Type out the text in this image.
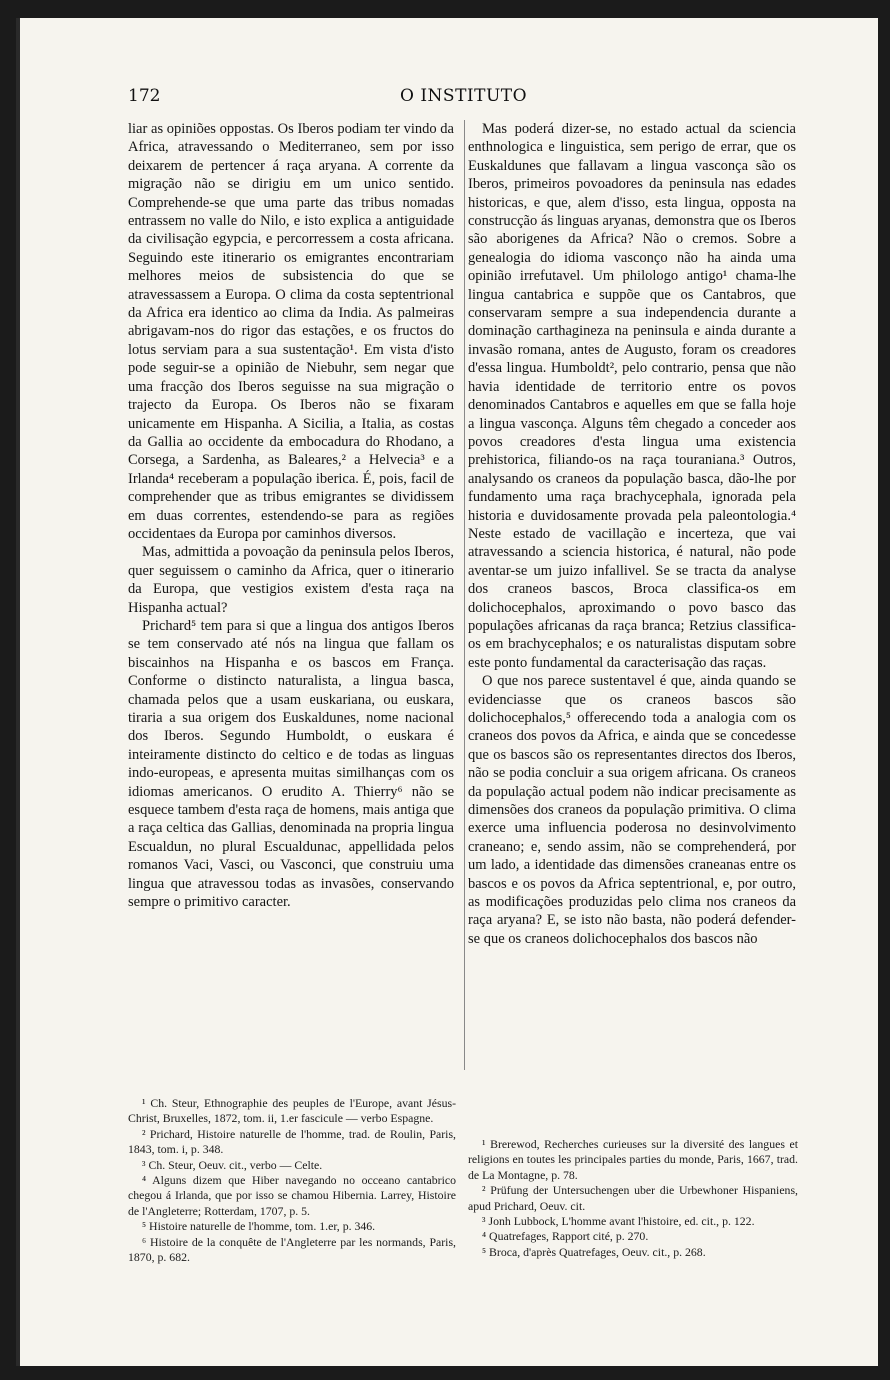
172	O INSTITUTO

liar as opiniões oppostas. Os Iberos podiam ter vindo da Africa, atravessando o Mediterraneo, sem por isso deixarem de pertencer á raça aryana. A corrente da migração não se dirigiu em um unico sentido. Comprehende-se que uma parte das tribus nomadas entrassem no valle do Nilo, e isto explica a antiguidade da civilisação egypcia, e percorressem a costa africana. Seguindo este itinerario os emigrantes encontrariam melhores meios de subsistencia do que se atravessassem a Europa. O clima da costa septentrional da Africa era identico ao clima da India. As palmeiras abrigavam-nos do rigor das estações, e os fructos do lotus serviam para a sua sustentação¹. Em vista d'isto pode seguir-se a opinião de Niebuhr, sem negar que uma fracção dos Iberos seguisse na sua migração o trajecto da Europa. Os Iberos não se fixaram unicamente em Hispanha. A Sicilia, a Italia, as costas da Gallia ao occidente da embocadura do Rhodano, a Corsega, a Sardenha, as Baleares,² a Helvecia³ e a Irlanda⁴ receberam a população iberica. É, pois, facil de comprehender que as tribus emigrantes se dividissem em duas correntes, estendendo-se para as regiões occidentaes da Europa por caminhos diversos.

Mas, admittida a povoação da peninsula pelos Iberos, quer seguissem o caminho da Africa, quer o itinerario da Europa, que vestigios existem d'esta raça na Hispanha actual?

Prichard⁵ tem para si que a lingua dos antigos Iberos se tem conservado até nós na lingua que fallam os biscainhos na Hispanha e os bascos em França. Conforme o distincto naturalista, a lingua basca, chamada pelos que a usam euskariana, ou euskara, tiraria a sua origem dos Euskaldunes, nome nacional dos Iberos. Segundo Humboldt, o euskara é inteiramente distincto do celtico e de todas as linguas indo-europeas, e apresenta muitas similhanças com os idiomas americanos. O erudito A. Thierry⁶ não se esquece tambem d'esta raça de homens, mais antiga que a raça celtica das Gallias, denominada na propria lingua Escualdun, no plural Escualdunac, appellidada pelos romanos Vaci, Vasci, ou Vasconci, que construiu uma lingua que atravessou todas as invasões, conservando sempre o primitivo caracter.

Mas poderá dizer-se, no estado actual da sciencia enthnologica e linguistica, sem perigo de errar, que os Euskaldunes que fallavam a lingua vasconça são os Iberos, primeiros povoadores da peninsula nas edades historicas, e que, alem d'isso, esta lingua, opposta na construcção ás linguas aryanas, demonstra que os Iberos são aborigenes da Africa? Não o cremos. Sobre a genealogia do idioma vasconço não ha ainda uma opinião irrefutavel. Um philologo antigo¹ chama-lhe lingua cantabrica e suppõe que os Cantabros, que conservaram sempre a sua independencia durante a dominação carthagineza na peninsula e ainda durante a invasão romana, antes de Augusto, foram os creadores d'essa lingua. Humboldt², pelo contrario, pensa que não havia identidade de territorio entre os povos denominados Cantabros e aquelles em que se falla hoje a lingua vasconça. Alguns têm chegado a conceder aos povos creadores d'esta lingua uma existencia prehistorica, filiando-os na raça touraniana.³ Outros, analysando os craneos da população basca, dão-lhe por fundamento uma raça brachycephala, ignorada pela historia e duvidosamente provada pela paleontologia.⁴ Neste estado de vacillação e incerteza, que vai atravessando a sciencia historica, é natural, não pode aventar-se um juizo infallivel. Se se tracta da analyse dos craneos bascos, Broca classifica-os em dolichocephalos, aproximando o povo basco das populações africanas da raça branca; Retzius classifica-os em brachycephalos; e os naturalistas disputam sobre este ponto fundamental da caracterisação das raças.

O que nos parece sustentavel é que, ainda quando se evidenciasse que os craneos bascos são dolichocephalos,⁵ offerecendo toda a analogia com os craneos dos povos da Africa, e ainda que se concedesse que os bascos são os representantes directos dos Iberos, não se podia concluir a sua origem africana. Os craneos da população actual podem não indicar precisamente as dimensões dos craneos da população primitiva. O clima exerce uma influencia poderosa no desinvolvimento craneano; e, sendo assim, não se comprehenderá, por um lado, a identidade das dimensões craneanas entre os bascos e os povos da Africa septentrional, e, por outro, as modificações produzidas pelo clima nos craneos da raça aryana? E, se isto não basta, não poderá defender-se que os craneos dolichocephalos dos bascos não

¹ Ch. Steur, Ethnographie des peuples de l'Europe, avant Jésus-Christ, Bruxelles, 1872, tom. ii, 1.er fascicule — verbo Espagne.
² Prichard, Histoire naturelle de l'homme, trad. de Roulin, Paris, 1843, tom. i, p. 348.
³ Ch. Steur, Oeuv. cit., verbo — Celte.
⁴ Alguns dizem que Hiber navegando no occeano cantabrico chegou á Irlanda, que por isso se chamou Hibernia. Larrey, Histoire de l'Angleterre; Rotterdam, 1707, p. 5.
⁵ Histoire naturelle de l'homme, tom. 1.er, p. 346.
⁶ Histoire de la conquête de l'Angleterre par les normands, Paris, 1870, p. 682.
¹ Brerewod, Recherches curieuses sur la diversité des langues et religions en toutes les principales parties du monde, Paris, 1667, trad. de La Montagne, p. 78.
² Prüfung der Untersuchengen uber die Urbewhoner Hispaniens, apud Prichard, Oeuv. cit.
³ Jonh Lubbock, L'homme avant l'histoire, ed. cit., p. 122.
⁴ Quatrefages, Rapport cité, p. 270.
⁵ Broca, d'après Quatrefages, Oeuv. cit., p. 268.
